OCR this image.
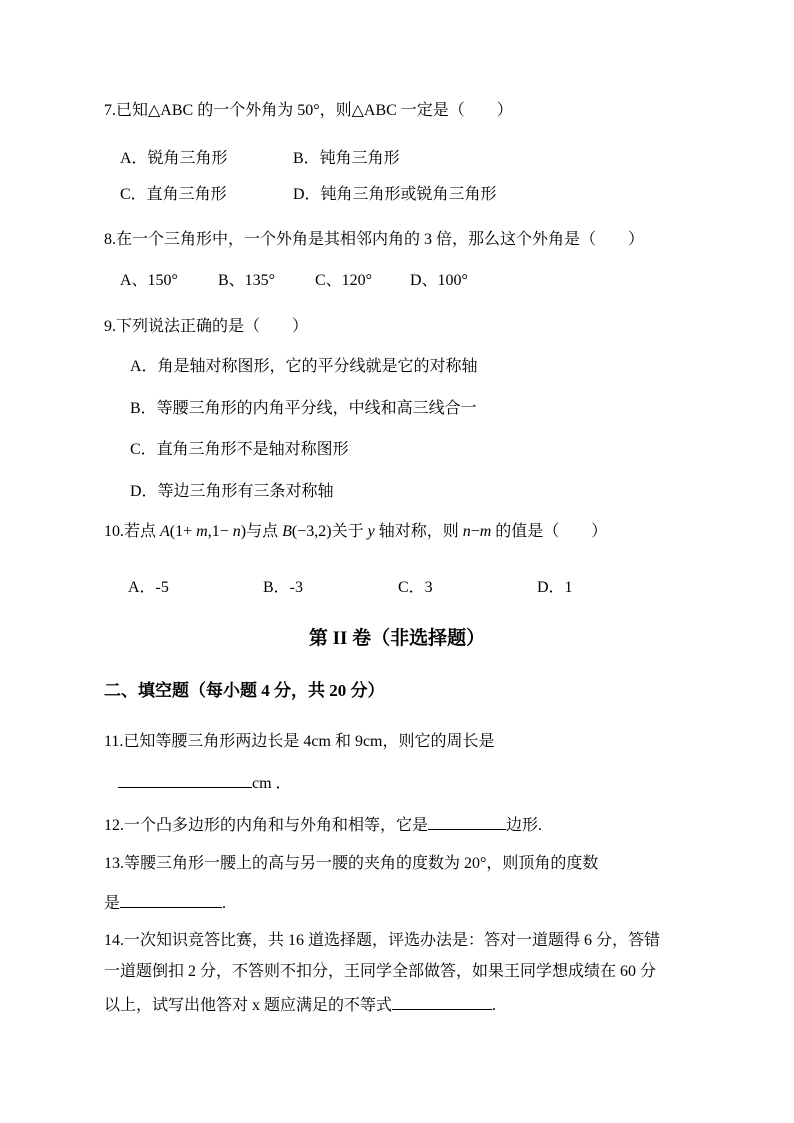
7.已知△ABC 的一个外角为 50°，则△ABC 一定是（　　）
A．锐角三角形	B．钝角三角形
C．直角三角形	D．钝角三角形或锐角三角形
8.在一个三角形中，一个外角是其相邻内角的 3 倍，那么这个外角是（　　）
A、150°	B、135° C、120° D、100°
9.下列说法正确的是（　　）
A．角是轴对称图形，它的平分线就是它的对称轴
B．等腰三角形的内角平分线，中线和高三线合一
C．直角三角形不是轴对称图形
D．等边三角形有三条对称轴
10.若点 A(1+ m,1− n)与点 B(−3,2)关于 y 轴对称，则 n−m 的值是（　　）
A．-5	B．-3	C．3	D．1
第 II 卷（非选择题）
二、填空题（每小题 4 分，共 20 分）
11.已知等腰三角形两边长是 4cm 和 9cm，则它的周长是
cm ．
12.一个凸多边形的内角和与外角和相等，它是	边形.
13.等腰三角形一腰上的高与另一腰的夹角的度数为 20°，则顶角的度数
是	.
14.一次知识竞答比赛，共 16 道选择题，评选办法是：答对一道题得 6 分，答错
一道题倒扣 2 分，不答则不扣分，王同学全部做答，如果王同学想成绩在 60 分
以上，试写出他答对 x 题应满足的不等式	.
